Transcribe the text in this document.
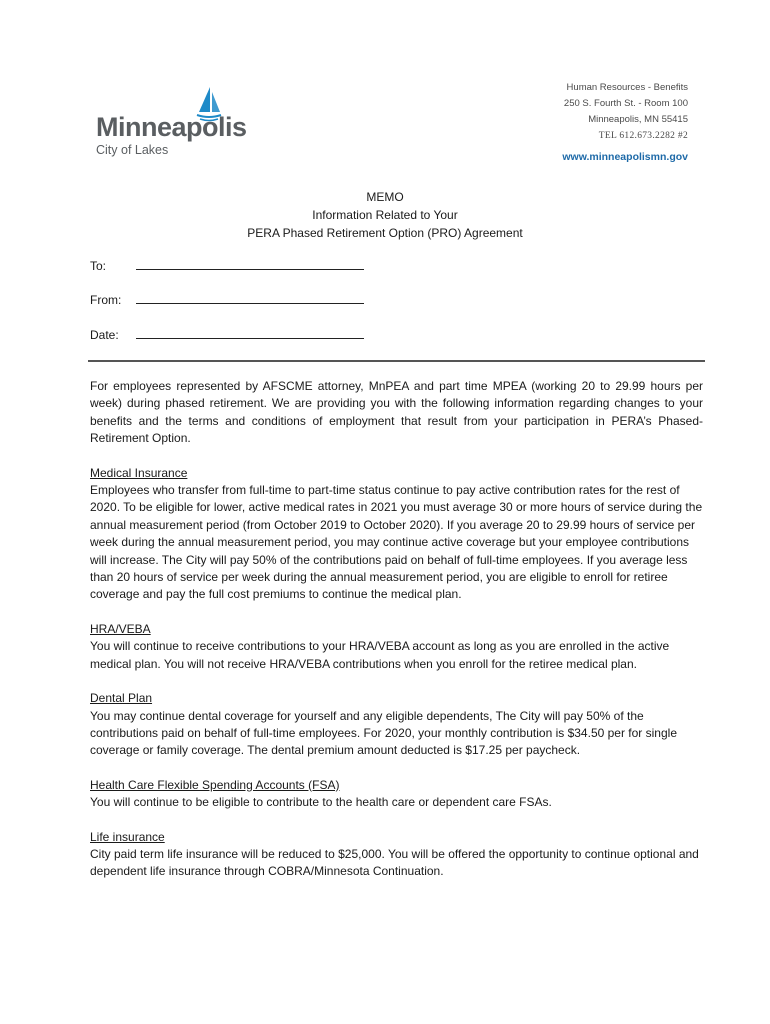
Minneapolis
City of Lakes
Human Resources - Benefits
250 S. Fourth St. - Room 100
Minneapolis, MN 55415
TEL 612.673.2282 #2
www.minneapolismn.gov
MEMO
Information Related to Your
PERA Phased Retirement Option (PRO) Agreement
To:
From:
Date:

For employees represented by AFSCME attorney, MnPEA and part time MPEA (working 20 to 29.99 hours per week) during phased retirement. We are providing you with the following information regarding changes to your benefits and the terms and conditions of employment that result from your participation in PERA’s Phased-Retirement Option.

Medical Insurance

Employees who transfer from full-time to part-time status continue to pay active contribution rates for the rest of 2020. To be eligible for lower, active medical rates in 2021 you must average 30 or more hours of service during the annual measurement period (from October 2019 to October 2020). If you average 20 to 29.99 hours of service per week during the annual measurement period, you may continue active coverage but your employee contributions will increase. The City will pay 50% of the contributions paid on behalf of full-time employees. If you average less than 20 hours of service per week during the annual measurement period, you are eligible to enroll for retiree coverage and pay the full cost premiums to continue the medical plan.

HRA/VEBA

You will continue to receive contributions to your HRA/VEBA account as long as you are enrolled in the active medical plan. You will not receive HRA/VEBA contributions when you enroll for the retiree medical plan.

Dental Plan

You may continue dental coverage for yourself and any eligible dependents, The City will pay 50% of the contributions paid on behalf of full-time employees. For 2020, your monthly contribution is $34.50 per for single coverage or family coverage. The dental premium amount deducted is $17.25 per paycheck.

Health Care Flexible Spending Accounts (FSA)

You will continue to be eligible to contribute to the health care or dependent care FSAs.

Life insurance

City paid term life insurance will be reduced to $25,000. You will be offered the opportunity to continue optional and dependent life insurance through COBRA/Minnesota Continuation.
